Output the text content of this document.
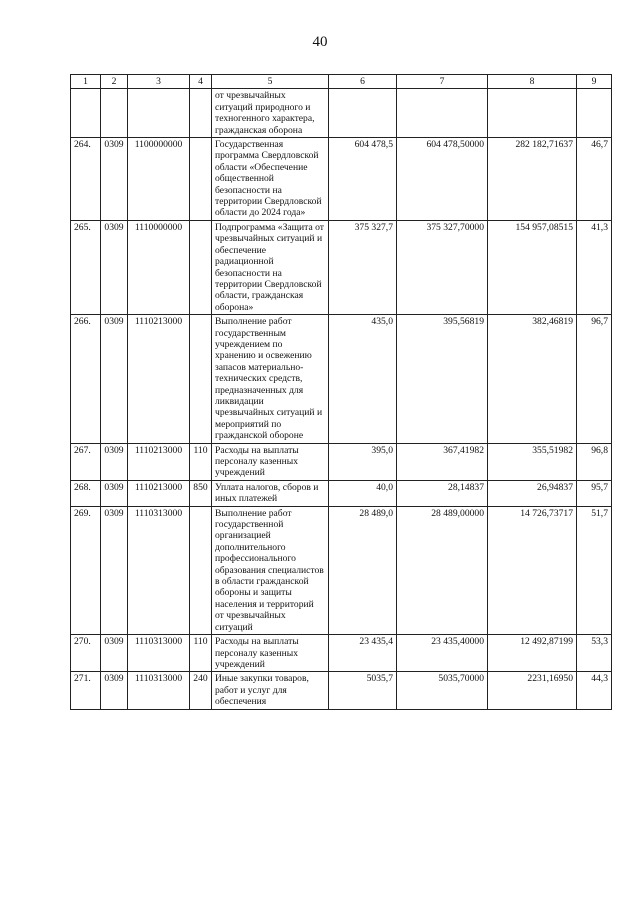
40
1	2	3	4	5	6	7	8	9
				от чрезвычайных ситуаций природного и техногенного характера, гражданская оборона				
264.	0309	1100000000		Государственная программа Свердловской области «Обеспечение общественной безопасности на территории Свердловской области до 2024 года»	604 478,5	604 478,50000	282 182,71637	46,7
265.	0309	1110000000		Подпрограмма «Защита от чрезвычайных ситуаций и обеспечение радиационной безопасности на территории Свердловской области, гражданская оборона»	375 327,7	375 327,70000	154 957,08515	41,3
266.	0309	1110213000		Выполнение работ государственным учреждением по хранению и освежению запасов материально-технических средств, предназначенных для ликвидации чрезвычайных ситуаций и мероприятий по гражданской обороне	435,0	395,56819	382,46819	96,7
267.	0309	1110213000	110	Расходы на выплаты персоналу казенных учреждений	395,0	367,41982	355,51982	96,8
268.	0309	1110213000	850	Уплата налогов, сборов и иных платежей	40,0	28,14837	26,94837	95,7
269.	0309	1110313000		Выполнение работ государственной организацией дополнительного профессионального образования специалистов в области гражданской обороны и защиты населения и территорий от чрезвычайных ситуаций	28 489,0	28 489,00000	14 726,73717	51,7
270.	0309	1110313000	110	Расходы на выплаты персоналу казенных учреждений	23 435,4	23 435,40000	12 492,87199	53,3
271.	0309	1110313000	240	Иные закупки товаров, работ и услуг для обеспечения	5035,7	5035,70000	2231,16950	44,3
